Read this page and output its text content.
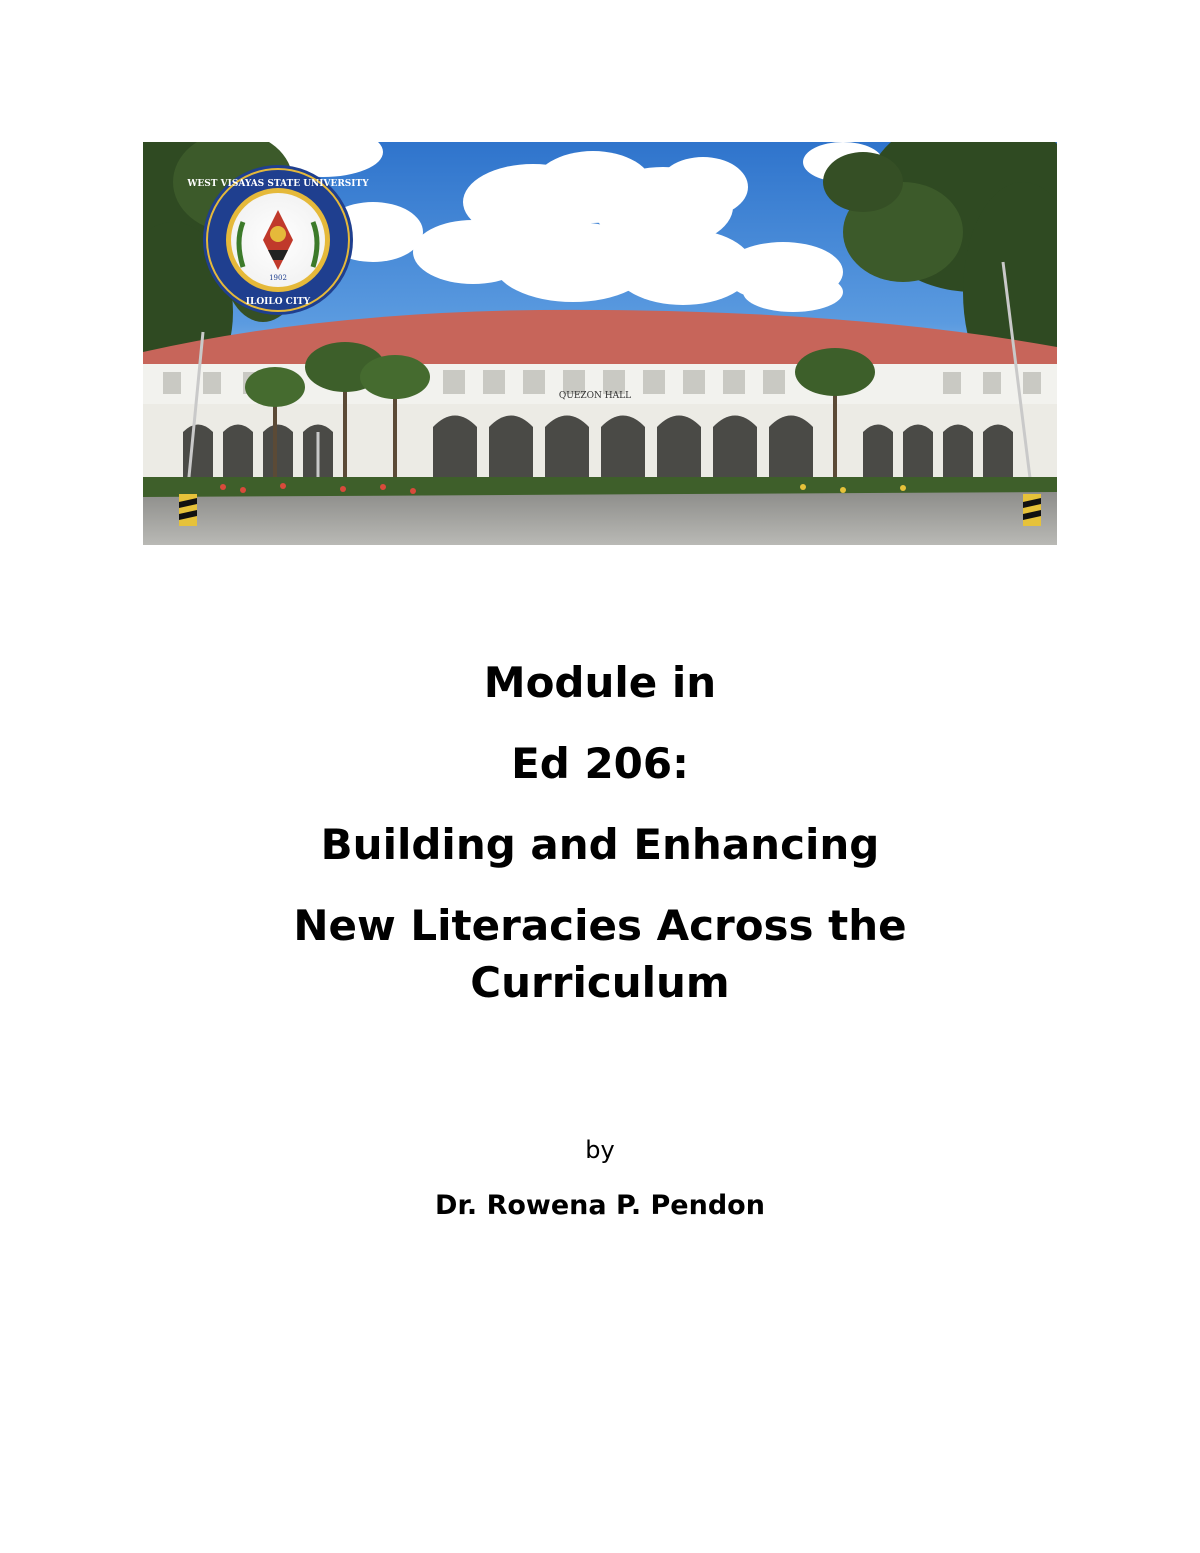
QUEZON HALL
1902
WEST VISAYAS STATE UNIVERSITY
ILOILO CITY
Module in
Ed 206:
Building and Enhancing
New Literacies Across the
Curriculum
by
Dr. Rowena P. Pendon
